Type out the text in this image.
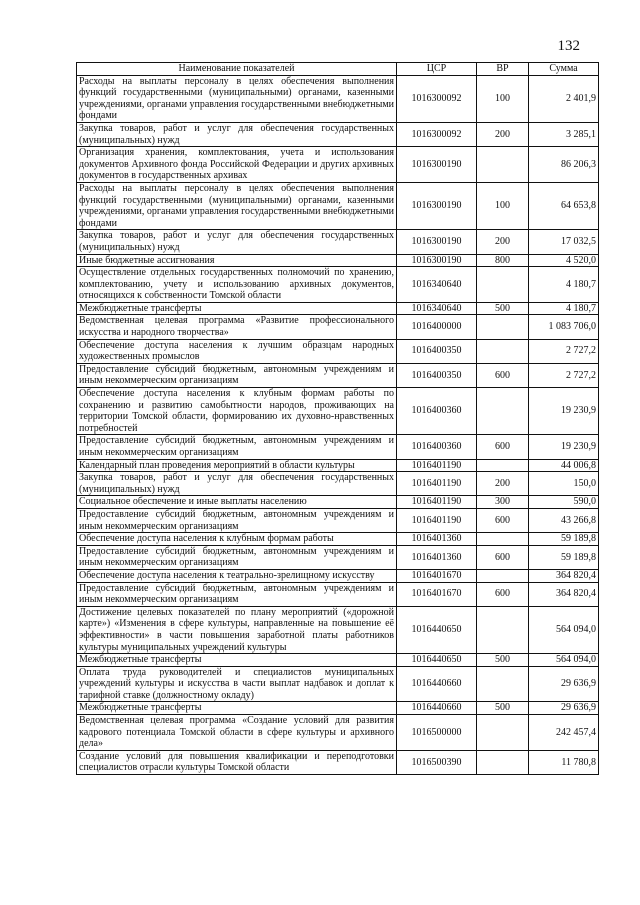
132
Наименование показателей	ЦСР	ВР	Сумма
Расходы на выплаты персоналу в целях обеспечения выполнения функций государственными (муниципальными) органами, казенными учреждениями, органами управления государственными внебюджетными фондами	1016300092	100	2 401,9
Закупка товаров, работ и услуг для обеспечения государственных (муниципальных) нужд	1016300092	200	3 285,1
Организация хранения, комплектования, учета и использования документов Архивного фонда Российской Федерации и других архивных документов в государственных архивах	1016300190		86 206,3
Расходы на выплаты персоналу в целях обеспечения выполнения функций государственными (муниципальными) органами, казенными учреждениями, органами управления государственными внебюджетными фондами	1016300190	100	64 653,8
Закупка товаров, работ и услуг для обеспечения государственных (муниципальных) нужд	1016300190	200	17 032,5
Иные бюджетные ассигнования	1016300190	800	4 520,0
Осуществление отдельных государственных полномочий по хранению, комплектованию, учету и использованию архивных документов, относящихся к собственности Томской области	1016340640		4 180,7
Межбюджетные трансферты	1016340640	500	4 180,7
Ведомственная целевая программа «Развитие профессионального искусства и народного творчества»	1016400000		1 083 706,0
Обеспечение доступа населения к лучшим образцам народных художественных промыслов	1016400350		2 727,2
Предоставление субсидий бюджетным, автономным учреждениям и иным некоммерческим организациям	1016400350	600	2 727,2
Обеспечение доступа населения к клубным формам работы по сохранению и развитию самобытности народов, проживающих на территории Томской области, формированию их духовно-нравственных потребностей	1016400360		19 230,9
Предоставление субсидий бюджетным, автономным учреждениям и иным некоммерческим организациям	1016400360	600	19 230,9
Календарный план проведения мероприятий в области культуры	1016401190		44 006,8
Закупка товаров, работ и услуг для обеспечения государственных (муниципальных) нужд	1016401190	200	150,0
Социальное обеспечение и иные выплаты населению	1016401190	300	590,0
Предоставление субсидий бюджетным, автономным учреждениям и иным некоммерческим организациям	1016401190	600	43 266,8
Обеспечение доступа населения к клубным формам работы	1016401360		59 189,8
Предоставление субсидий бюджетным, автономным учреждениям и иным некоммерческим организациям	1016401360	600	59 189,8
Обеспечение доступа населения к театрально-зрелищному искусству	1016401670		364 820,4
Предоставление субсидий бюджетным, автономным учреждениям и иным некоммерческим организациям	1016401670	600	364 820,4
Достижение целевых показателей по плану мероприятий («дорожной карте») «Изменения в сфере культуры, направленные на повышение её эффективности» в части повышения заработной платы работников культуры муниципальных учреждений культуры	1016440650		564 094,0
Межбюджетные трансферты	1016440650	500	564 094,0
Оплата труда руководителей и специалистов муниципальных учреждений культуры и искусства в части выплат надбавок и доплат к тарифной ставке (должностному окладу)	1016440660		29 636,9
Межбюджетные трансферты	1016440660	500	29 636,9
Ведомственная целевая программа «Создание условий для развития кадрового потенциала Томской области в сфере культуры и архивного дела»	1016500000		242 457,4
Создание условий для повышения квалификации и переподготовки специалистов отрасли культуры Томской области	1016500390		11 780,8
